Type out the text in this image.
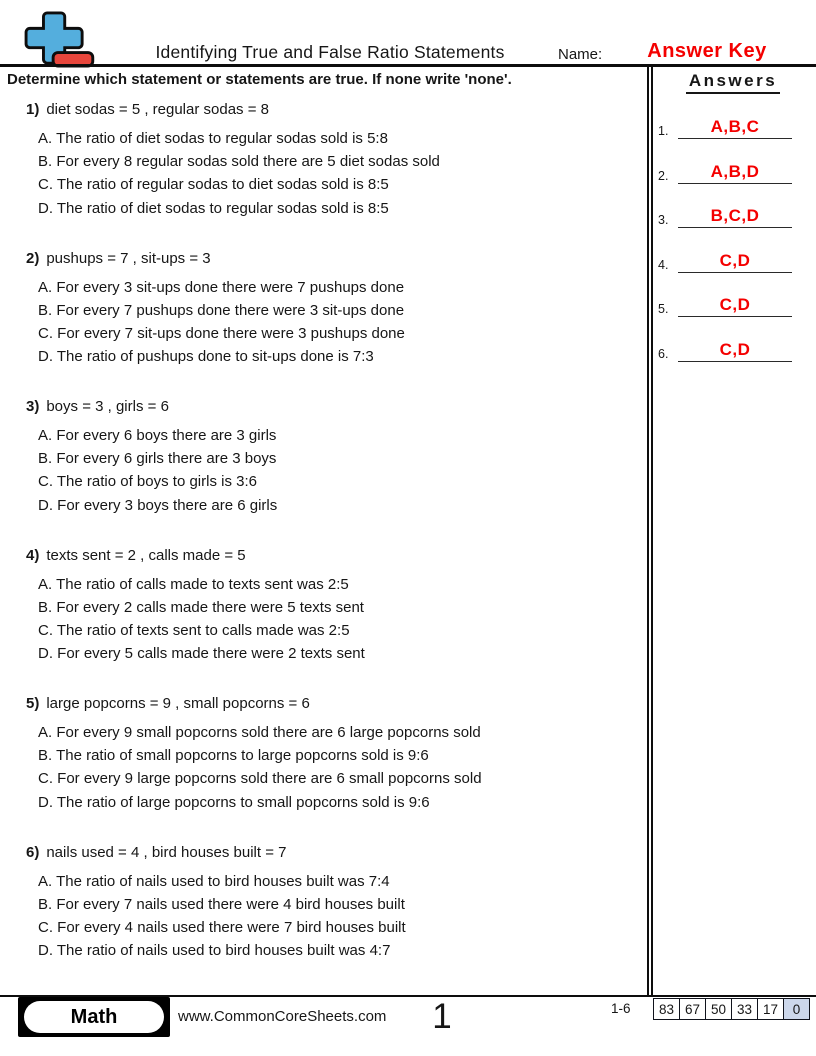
Identifying True and False Ratio Statements	Name:	Answer Key
Determine which statement or statements are true. If none write 'none'.	Answers
1.	A,B,C
2.	A,B,D
3.	B,C,D
4.	C,D
5.	C,D
6.	C,D
1) diet sodas = 5 , regular sodas = 8
A. The ratio of diet sodas to regular sodas sold is 5:8
B. For every 8 regular sodas sold there are 5 diet sodas sold
C. The ratio of regular sodas to diet sodas sold is 8:5
D. The ratio of diet sodas to regular sodas sold is 8:5
2) pushups = 7 , sit-ups = 3
A. For every 3 sit-ups done there were 7 pushups done
B. For every 7 pushups done there were 3 sit-ups done
C. For every 7 sit-ups done there were 3 pushups done
D. The ratio of pushups done to sit-ups done is 7:3
3) boys = 3 , girls = 6
A. For every 6 boys there are 3 girls
B. For every 6 girls there are 3 boys
C. The ratio of boys to girls is 3:6
D. For every 3 boys there are 6 girls
4) texts sent = 2 , calls made = 5
A. The ratio of calls made to texts sent was 2:5
B. For every 2 calls made there were 5 texts sent
C. The ratio of texts sent to calls made was 2:5
D. For every 5 calls made there were 2 texts sent
5) large popcorns = 9 , small popcorns = 6
A. For every 9 small popcorns sold there are 6 large popcorns sold
B. The ratio of small popcorns to large popcorns sold is 9:6
C. For every 9 large popcorns sold there are 6 small popcorns sold
D. The ratio of large popcorns to small popcorns sold is 9:6
6) nails used = 4 , bird houses built = 7
A. The ratio of nails used to bird houses built was 7:4
B. For every 7 nails used there were 4 bird houses built
C. For every 4 nails used there were 7 bird houses built
D. The ratio of nails used to bird houses built was 4:7
Math	www.CommonCoreSheets.com	1	1-6	83 67 50 33 17	0
